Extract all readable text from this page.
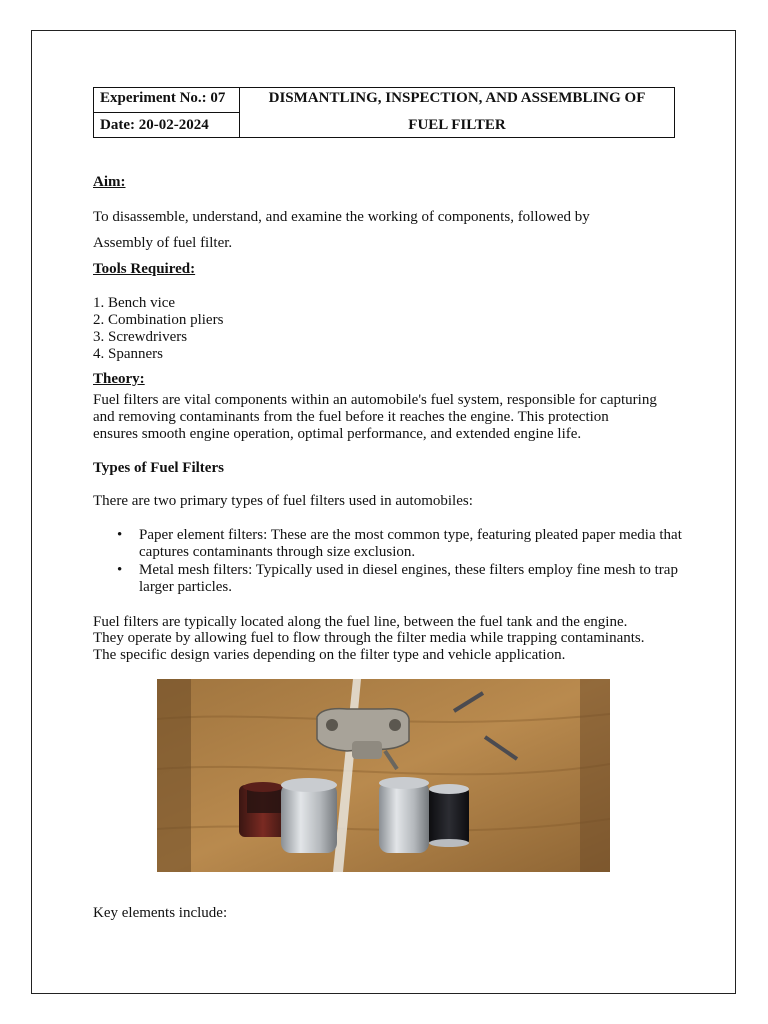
Experiment No.: 07
Date: 20-02-2024
DISMANTLING, INSPECTION, AND ASSEMBLING OF
FUEL FILTER
Aim:
To disassemble, understand, and examine the working of components, followed by
Assembly of fuel filter.
Tools Required:
1. Bench vice
2. Combination pliers
3. Screwdrivers
4. Spanners
Theory:
Fuel filters are vital components within an automobile's fuel system, responsible for capturing
and removing contaminants from the fuel before it reaches the engine. This protection
ensures smooth engine operation, optimal performance, and extended engine life.
Types of Fuel Filters
There are two primary types of fuel filters used in automobiles:
• Paper element filters: These are the most common type, featuring pleated paper media that captures contaminants through size exclusion.
• Metal mesh filters: Typically used in diesel engines, these filters employ fine mesh to trap larger particles.
Fuel filters are typically located along the fuel line, between the fuel tank and the engine.
They operate by allowing fuel to flow through the filter media while trapping contaminants.
The specific design varies depending on the filter type and vehicle application.
Key elements include:
